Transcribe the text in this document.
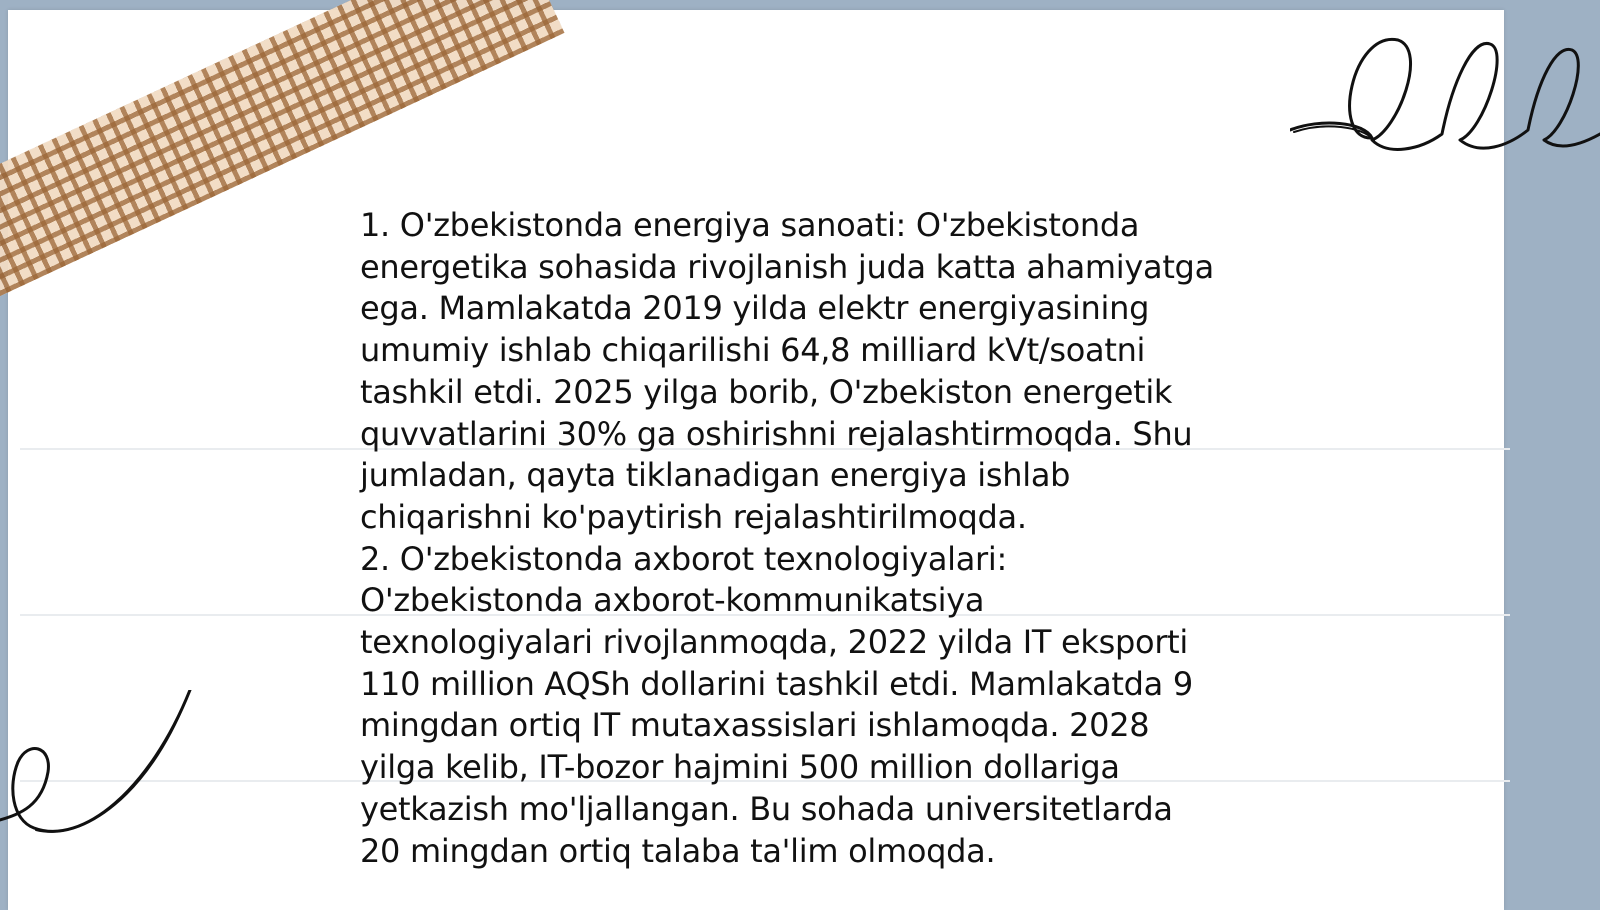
1. O'zbekistonda energiya sanoati: O'zbekistonda
energetika sohasida rivojlanish juda katta ahamiyatga
ega. Mamlakatda 2019 yilda elektr energiyasining
umumiy ishlab chiqarilishi 64,8 milliard kVt/soatni
tashkil etdi. 2025 yilga borib, O'zbekiston energetik
quvvatlarini 30% ga oshirishni rejalashtirmoqda. Shu
jumladan, qayta tiklanadigan energiya ishlab
chiqarishni ko'paytirish rejalashtirilmoqda.

2. O'zbekistonda axborot texnologiyalari:
O'zbekistonda axborot-kommunikatsiya
texnologiyalari rivojlanmoqda, 2022 yilda IT eksporti
110 million AQSh dollarini tashkil etdi. Mamlakatda 9
mingdan ortiq IT mutaxassislari ishlamoqda. 2028
yilga kelib, IT-bozor hajmini 500 million dollariga
yetkazish mo'ljallangan. Bu sohada universitetlarda
20 mingdan ortiq talaba ta'lim olmoqda.
